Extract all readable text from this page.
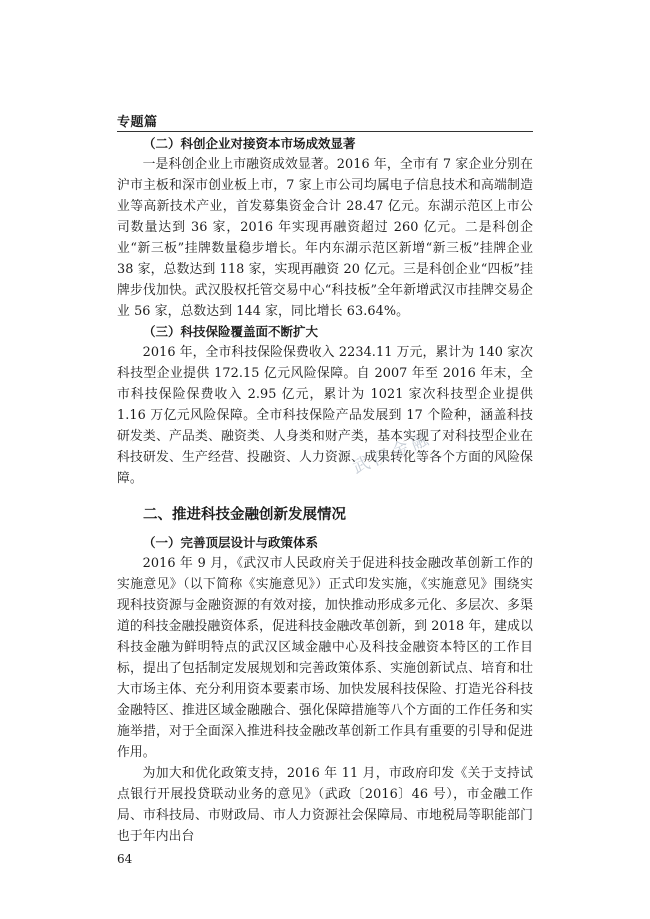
专题篇

（二）科创企业对接资本市场成效显著

一是科创企业上市融资成效显著。2016 年，全市有 7 家企业分别在沪市主板和深市创业板上市，7 家上市公司均属电子信息技术和高端制造业等高新技术产业，首发募集资金合计 28.47 亿元。东湖示范区上市公司数量达到 36 家，2016 年实现再融资超过 260 亿元。二是科创企业“新三板”挂牌数量稳步增长。年内东湖示范区新增“新三板”挂牌企业 38 家，总数达到 118 家，实现再融资 20 亿元。三是科创企业“四板”挂牌步伐加快。武汉股权托管交易中心“科技板”全年新增武汉市挂牌交易企业 56 家，总数达到 144 家，同比增长 63.64%。

（三）科技保险覆盖面不断扩大

2016 年，全市科技保险保费收入 2234.11 万元，累计为 140 家次科技型企业提供 172.15 亿元风险保障。自 2007 年至 2016 年末，全市科技保险保费收入 2.95 亿元，累计为 1021 家次科技型企业提供 1.16 万亿元风险保障。全市科技保险产品发展到 17 个险种，涵盖科技研发类、产品类、融资类、人身类和财产类，基本实现了对科技型企业在科技研发、生产经营、投融资、人力资源、成果转化等各个方面的风险保障。

二、推进科技金融创新发展情况

（一）完善顶层设计与政策体系

2016 年 9 月，《武汉市人民政府关于促进科技金融改革创新工作的实施意见》（以下简称《实施意见》）正式印发实施，《实施意见》围绕实现科技资源与金融资源的有效对接，加快推动形成多元化、多层次、多渠道的科技金融投融资体系，促进科技金融改革创新，到 2018 年，建成以科技金融为鲜明特点的武汉区域金融中心及科技金融资本特区的工作目标，提出了包括制定发展规划和完善政策体系、实施创新试点、培育和壮大市场主体、充分利用资本要素市场、加快发展科技保险、打造光谷科技金融特区、推进区域金融融合、强化保障措施等八个方面的工作任务和实施举措，对于全面深入推进科技金融改革创新工作具有重要的引导和促进作用。

为加大和优化政策支持，2016 年 11 月，市政府印发《关于支持试点银行开展投贷联动业务的意见》（武政〔2016〕46 号），市金融工作局、市科技局、市财政局、市人力资源社会保障局、市地税局等职能部门也于年内出台

武汉金融
64
